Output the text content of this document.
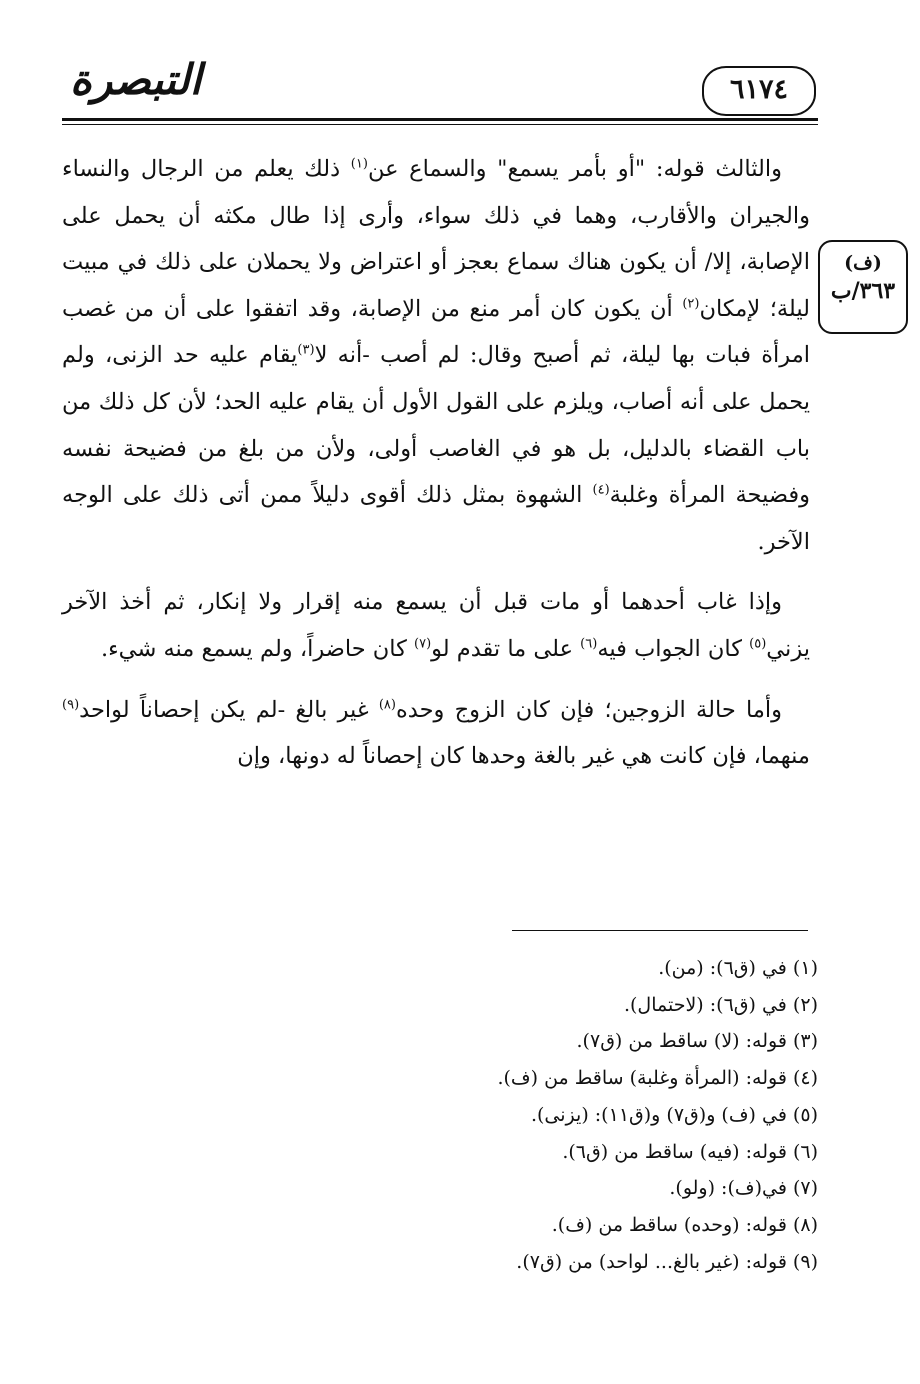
التبصرة	٦١٧٤
(ف)
٣٦٣/ب

والثالث قوله: "أو بأمر يسمع" والسماع عن$^{(١)}$ ذلك يعلم من الرجال والنساء والجيران والأقارب، وهما في ذلك سواء، وأرى إذا طال مكثه أن يحمل على الإصابة، إلا/ أن يكون هناك سماع بعجز أو اعتراض ولا يحملان على ذلك في مبيت ليلة؛ لإمكان$^{(٢)}$ أن يكون كان أمر منع من الإصابة، وقد اتفقوا على أن من غصب امرأة فبات بها ليلة، ثم أصبح وقال: لم أصب -أنه لا$^{(٣)}$يقام عليه حد الزنى، ولم يحمل على أنه أصاب، ويلزم على القول الأول أن يقام عليه الحد؛ لأن كل ذلك من باب القضاء بالدليل، بل هو في الغاصب أولى، ولأن من بلغ من فضيحة نفسه وفضيحة المرأة وغلبة$^{(٤)}$ الشهوة بمثل ذلك أقوى دليلاً ممن أتى ذلك على الوجه الآخر.

وإذا غاب أحدهما أو مات قبل أن يسمع منه إقرار ولا إنكار، ثم أخذ الآخر يزني$^{(٥)}$ كان الجواب فيه$^{(٦)}$ على ما تقدم لو$^{(٧)}$ كان حاضراً، ولم يسمع منه شيء.

وأما حالة الزوجين؛ فإن كان الزوج وحده$^{(٨)}$ غير بالغ -لم يكن إحصاناً لواحد$^{(٩)}$ منهما، فإن كانت هي غير بالغة وحدها كان إحصاناً له دونها، وإن

(١) في (ق٦): (من).
(٢) في (ق٦): (لاحتمال).
(٣) قوله: (لا) ساقط من (ق٧).
(٤) قوله: (المرأة وغلبة) ساقط من (ف).
(٥) في (ف) و(ق٧) و(ق١١): (يزنى).
(٦) قوله: (فيه) ساقط من (ق٦).
(٧) في(ف): (ولو).
(٨) قوله: (وحده) ساقط من (ف).
(٩) قوله: (غير بالغ... لواحد) من (ق٧).
